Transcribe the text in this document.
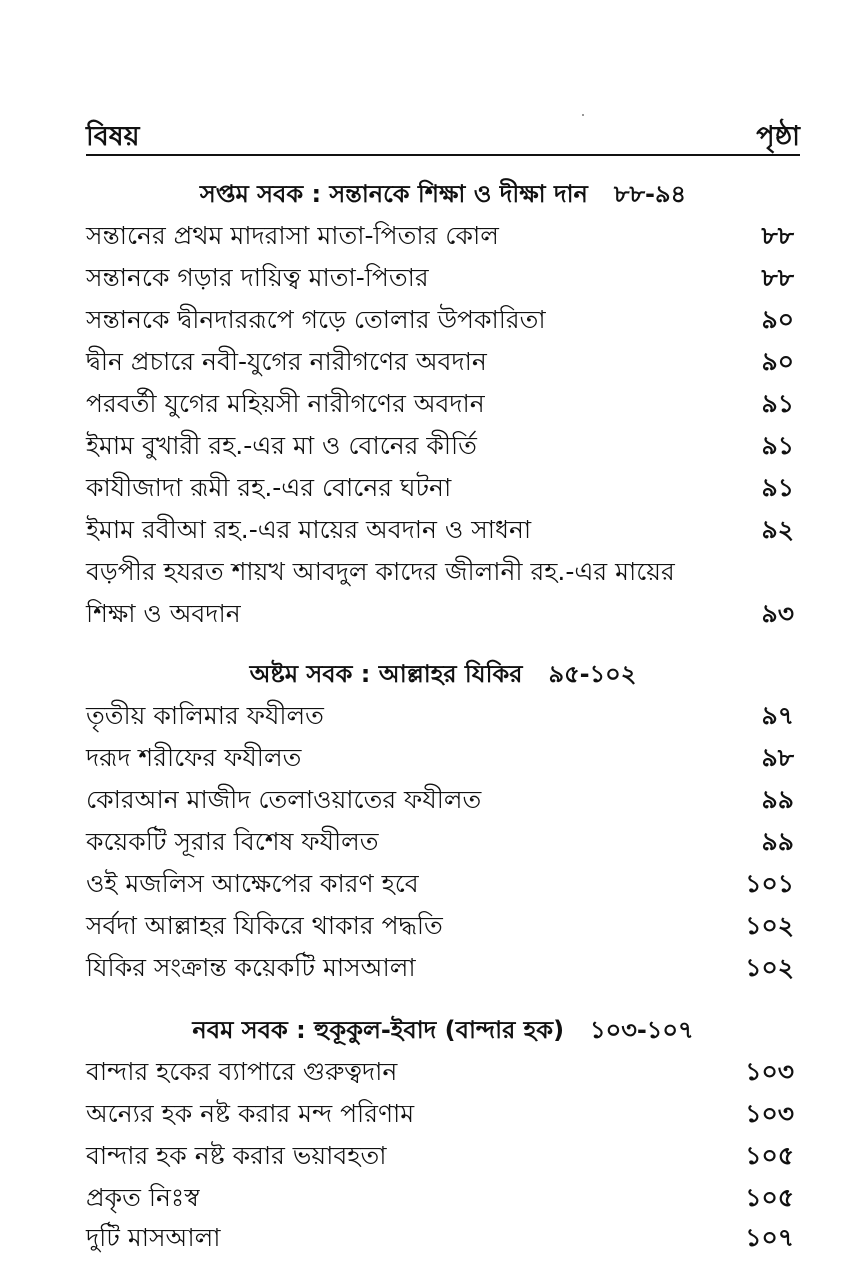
বিষয়	পৃষ্ঠা
সপ্তম সবক : সন্তানকে শিক্ষা ও দীক্ষা দান ৮৮-৯৪
সন্তানের প্রথম মাদরাসা মাতা-পিতার কোল	৮৮
সন্তানকে গড়ার দায়িত্ব মাতা-পিতার	৮৮
সন্তানকে দ্বীনদাররূপে গড়ে তোলার উপকারিতা	৯০
দ্বীন প্রচারে নবী-যুগের নারীগণের অবদান	৯০
পরবর্তী যুগের মহিয়সী নারীগণের অবদান	৯১
ইমাম বুখারী রহ.-এর মা ও বোনের কীর্তি	৯১
কাযীজাদা রূমী রহ.-এর বোনের ঘটনা	৯১
ইমাম রবীআ রহ.-এর মায়ের অবদান ও সাধনা	৯২
বড়পীর হযরত শায়খ আবদুল কাদের জীলানী রহ.-এর মায়ের
শিক্ষা ও অবদান	৯৩
অষ্টম সবক : আল্লাহর যিকির ৯৫-১০২
তৃতীয় কালিমার ফযীলত	৯৭
দরূদ শরীফের ফযীলত	৯৮
কোরআন মাজীদ তেলাওয়াতের ফযীলত	৯৯
কয়েকটি সূরার বিশেষ ফযীলত	৯৯
ওই মজলিস আক্ষেপের কারণ হবে	১০১
সর্বদা আল্লাহর যিকিরে থাকার পদ্ধতি	১০২
যিকির সংক্রান্ত কয়েকটি মাসআলা	১০২
নবম সবক : হুকূকুল-ইবাদ (বান্দার হক) ১০৩-১০৭
বান্দার হকের ব্যাপারে গুরুত্বদান	১০৩
অন্যের হক নষ্ট করার মন্দ পরিণাম	১০৩
বান্দার হক নষ্ট করার ভয়াবহতা	১০৫
প্রকৃত নিঃস্ব	১০৫
দুটি মাসআলা	১০৭
